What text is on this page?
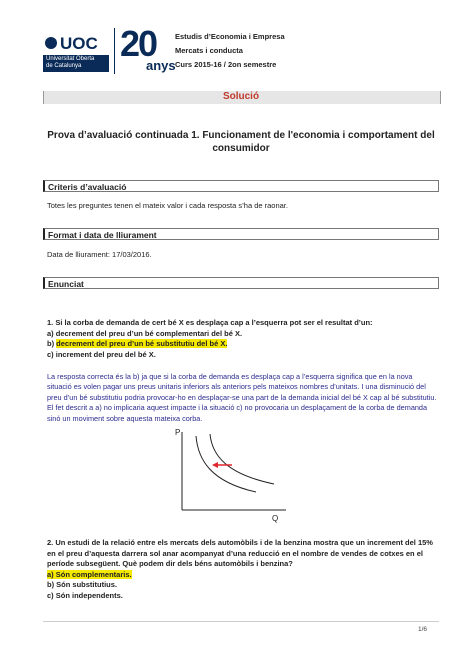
UOC
Universitat Oberta
de Catalunya
20
anys
Estudis d’Economia i Empresa
Mercats i conducta
Curs 2015-16 / 2on semestre
Solució
Prova d’avaluació continuada 1. Funcionament de l'economia i comportament del consumidor
Criteris d’avaluació
Totes les preguntes tenen el mateix valor i cada resposta s’ha de raonar.
Format i data de lliurament
Data de lliurament: 17/03/2016.
Enunciat
1. Si la corba de demanda de cert bé X es desplaça cap a l’esquerra pot ser el resultat d’un:
a) decrement del preu d’un bé complementari del bé X.
b) decrement del preu d’un bé substitutiu del bé X.
c) increment del preu del bé X.
La resposta correcta és la b) ja que si la corba de demanda es desplaça cap a l’esquerra significa que en la nova situació es volen pagar uns preus unitaris inferiors als anteriors pels mateixos nombres d’unitats. I una disminució del preu d’un bé substitutiu podria provocar-ho en desplaçar-se una part de la demanda inicial del bé X cap al bé substitutiu. El fet descrit a a) no implicaria aquest impacte i la situació c) no provocaria un desplaçament de la corba de demanda sinó un moviment sobre aquesta mateixa corba.
P
Q
2. Un estudi de la relació entre els mercats dels automòbils i de la benzina mostra que un increment del 15% en el preu d’aquesta darrera sol anar acompanyat d’una reducció en el nombre de vendes de cotxes en el període subsegüent. Què podem dir dels béns automòbils i benzina?
a) Són complementaris.
b) Són substitutius.
c) Són independents.
1/6
